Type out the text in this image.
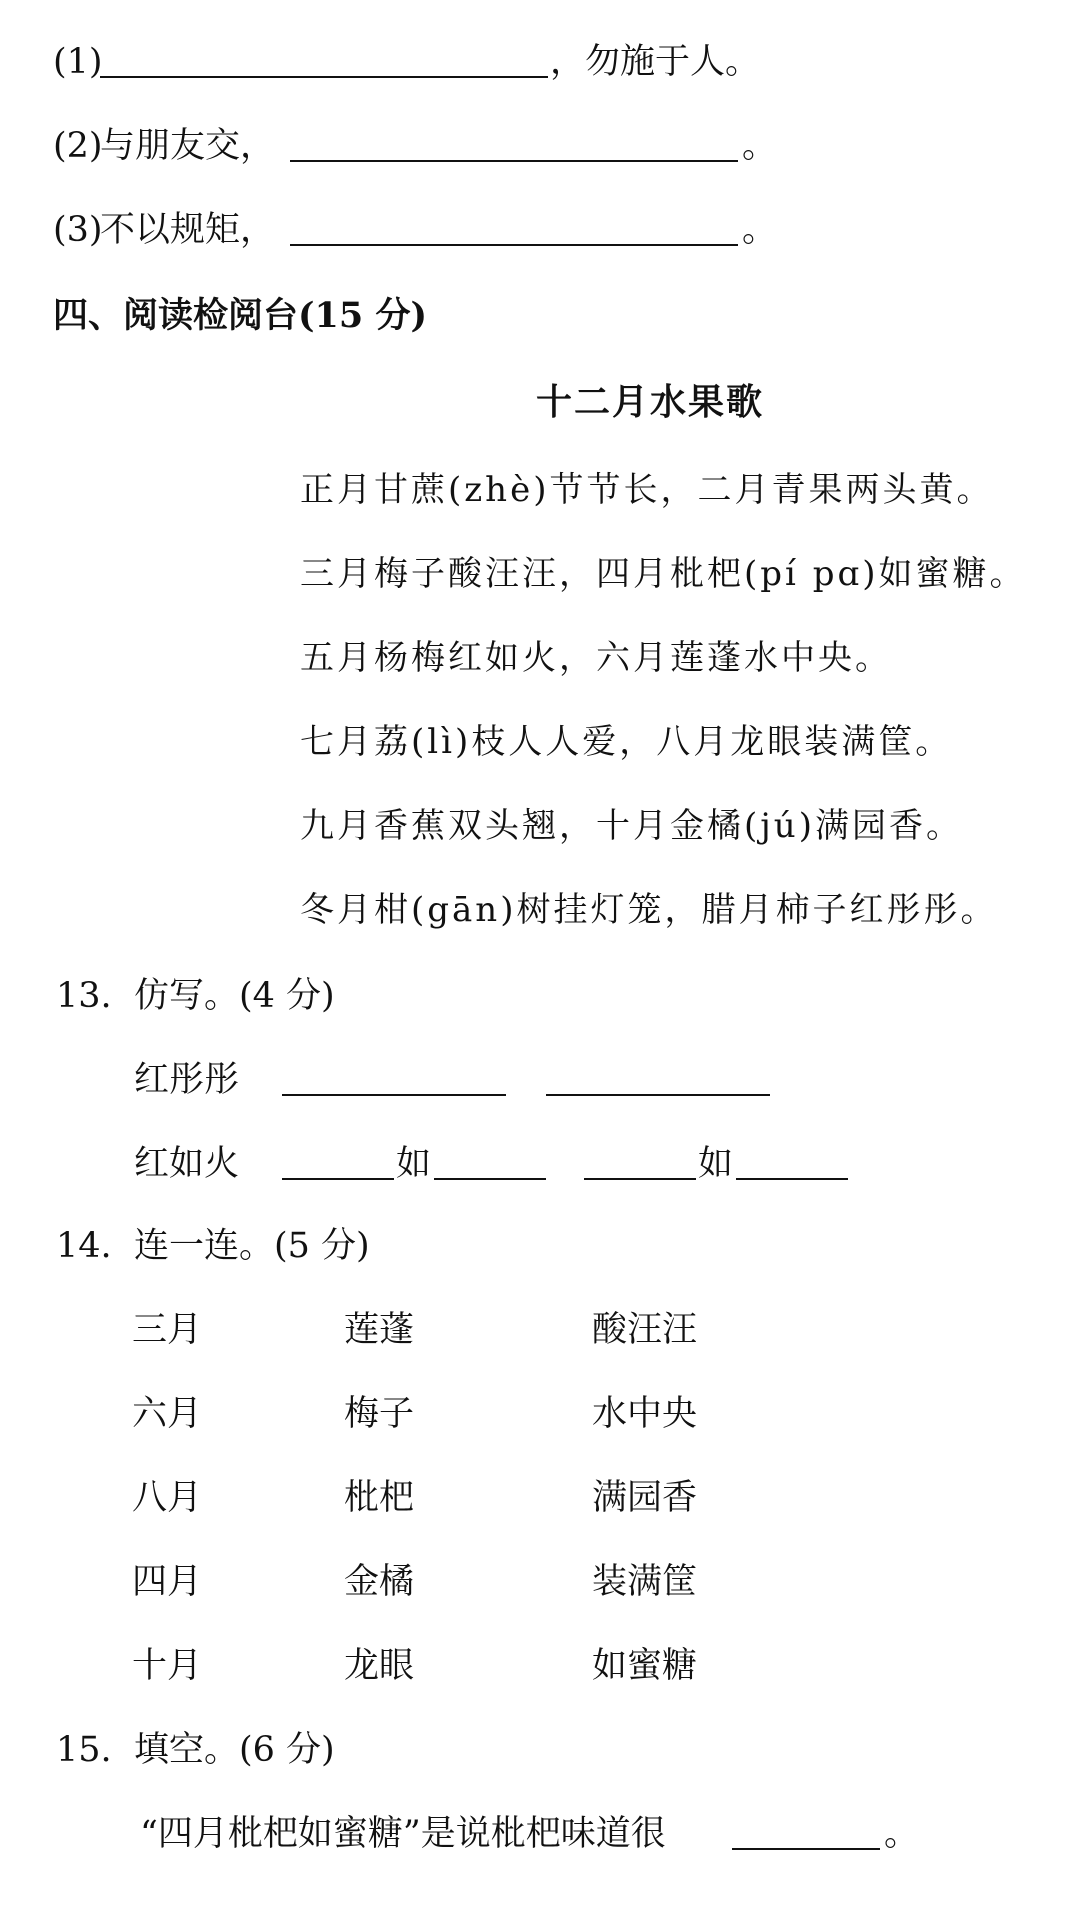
(1)	，勿施于人。
(2)
与朋友交，	。
(3)
不以规矩，	。
四、阅读检阅台(15 分)
十二月水果歌
正月甘蔗(zhè)节节长，二月青果两头黄。
三月梅子酸汪汪，四月枇杷(pí pɑ)如蜜糖。
五月杨梅红如火，六月莲蓬水中央。
七月荔(lì)枝人人爱，八月龙眼装满筐。
九月香蕉双头翘，十月金橘(jú)满园香。
冬月柑(gān)树挂灯笼，腊月柿子红彤彤。
13. 仿写。(4 分)
红彤彤
红如火	如	如
14. 连一连。(5 分)
三月	莲蓬	酸汪汪
六月	梅子	水中央
八月	枇杷	满园香
四月	金橘	装满筐
十月	龙眼	如蜜糖
15. 填空。(6 分)
“四月枇杷如蜜糖”是说枇杷味道很	。
